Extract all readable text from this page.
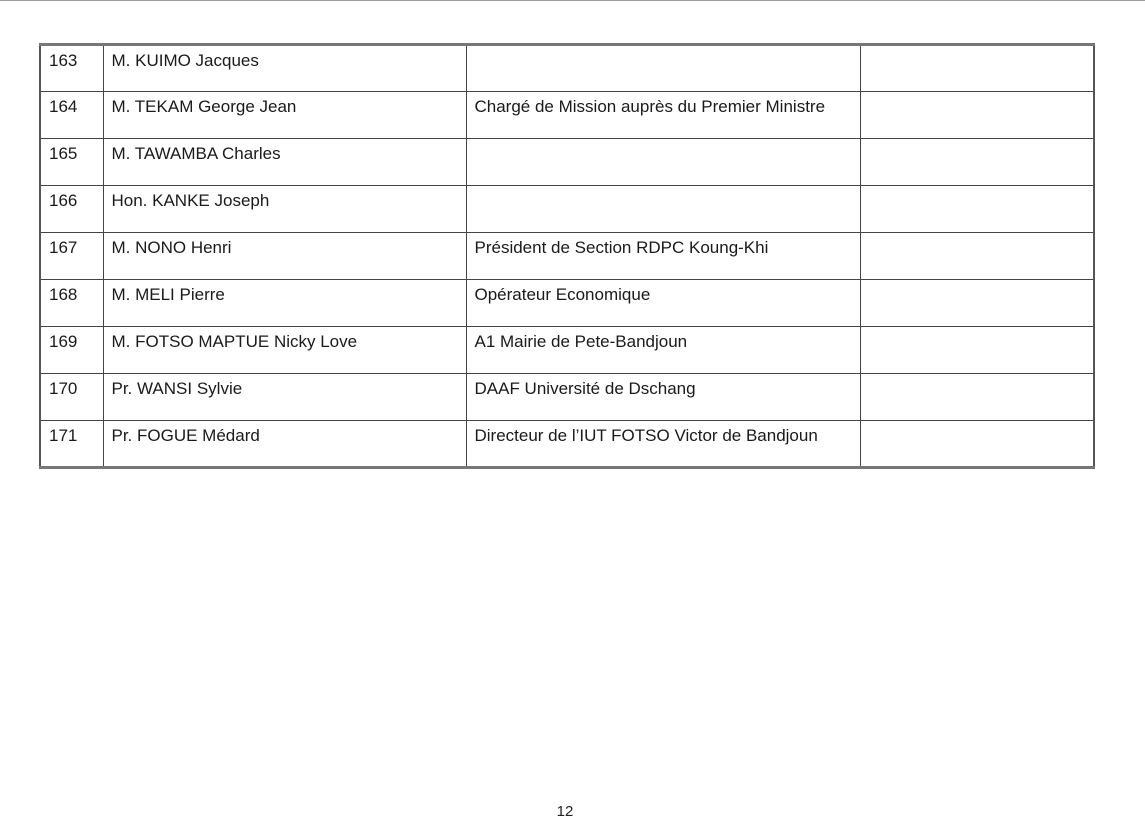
163	M. KUIMO Jacques		
164	M. TEKAM George Jean	Chargé de Mission auprès du Premier Ministre	
165	M. TAWAMBA Charles		
166	Hon. KANKE Joseph		
167	M. NONO Henri	Président de Section RDPC Koung-Khi	
168	M. MELI Pierre	Opérateur Economique	
169	M. FOTSO MAPTUE Nicky Love	A1 Mairie de Pete-Bandjoun	
170	Pr. WANSI Sylvie	DAAF Université de Dschang	
171	Pr. FOGUE Médard	Directeur de l’IUT FOTSO Victor de Bandjoun	
12
